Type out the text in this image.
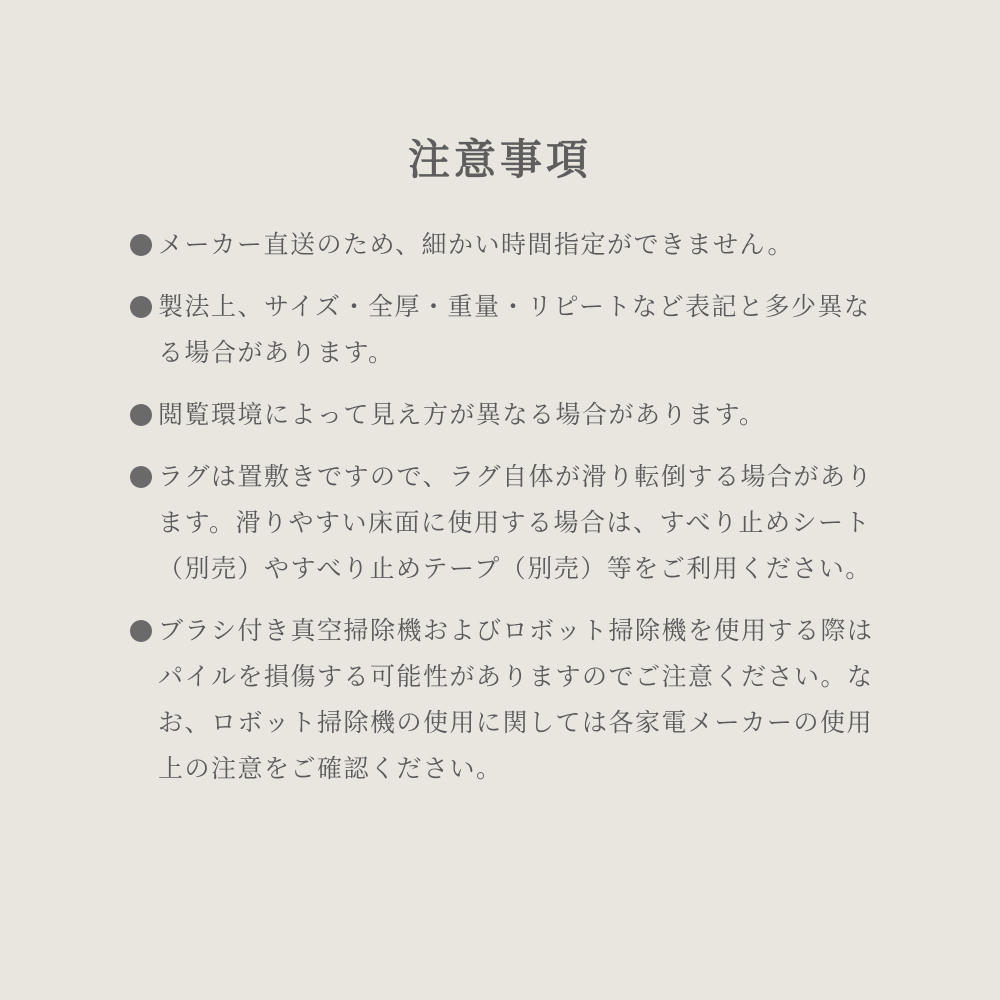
注意事項
メーカー直送のため、細かい時間指定ができません。
製法上、サイズ・全厚・重量・リピートなど表記と多少異なる場合があります。
閲覧環境によって見え方が異なる場合があります。
ラグは置敷きですので、ラグ自体が滑り転倒する場合があります。滑りやすい床面に使用する場合は、すべり止めシート（別売）やすべり止めテープ（別売）等をご利用ください。
ブラシ付き真空掃除機およびロボット掃除機を使用する際はパイルを損傷する可能性がありますのでご注意ください。なお、ロボット掃除機の使用に関しては各家電メーカーの使用上の注意をご確認ください。
